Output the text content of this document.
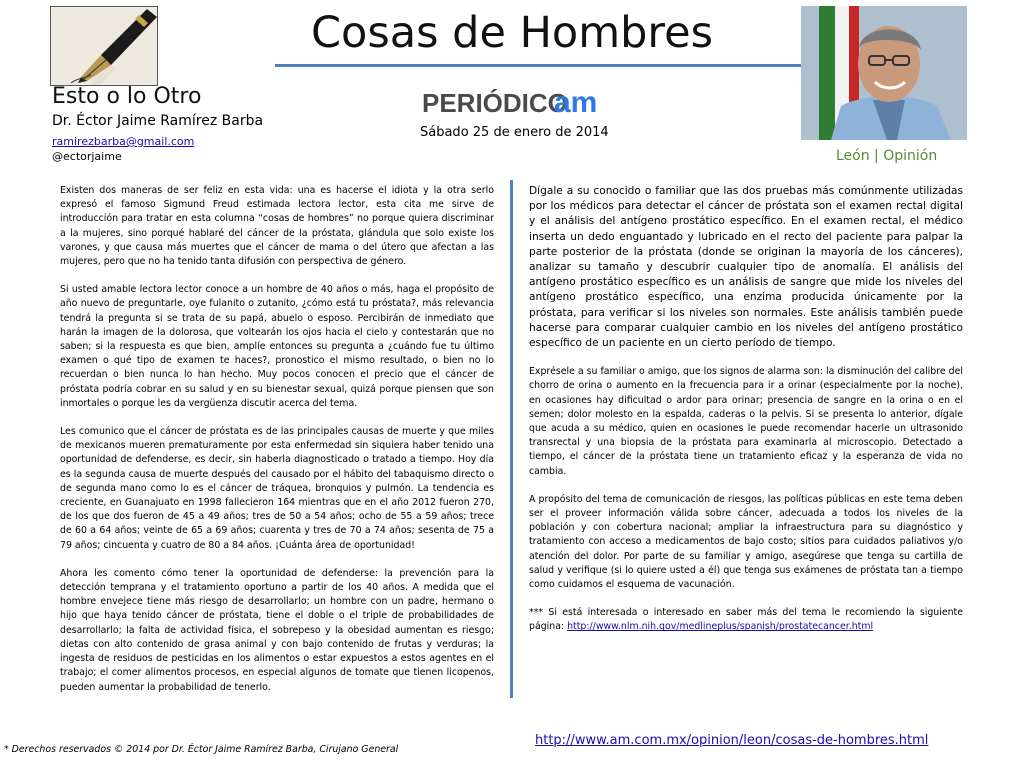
Cosas de Hombres
Esto o lo Otro
Dr. Éctor Jaime Ramírez Barba
ramirezbarba@gmail.com
@ectorjaime
PERIÓDICO
am
Sábado 25 de enero de 2014
León | Opinión

Existen dos maneras de ser feliz en esta vida: una es hacerse el idiota y la otra serlo expresó el famoso Sigmund Freud estimada lectora lector, esta cita me sirve de introducción para tratar en esta columna “cosas de hombres” no porque quiera discriminar a la mujeres, sino porqué hablaré del cáncer de la próstata, glándula que solo existe los varones, y que causa más muertes que el cáncer de mama o del útero que afectan a las mujeres, pero que no ha tenido tanta difusión con perspectiva de género.

Si usted amable lectora lector conoce a un hombre de 40 años o más, haga el propósito de año nuevo de preguntarle, oye fulanito o zutanito, ¿cómo está tu próstata?, más relevancia tendrá la pregunta si se trata de su papá, abuelo o esposo. Percibirán de inmediato que harán la imagen de la dolorosa, que voltearán los ojos hacia el cielo y contestarán que no saben; si la respuesta es que bien, amplíe entonces su pregunta a ¿cuándo fue tu último examen o qué tipo de examen te haces?, pronostico el mismo resultado, o bien no lo recuerdan o bien nunca lo han hecho. Muy pocos conocen el precio que el cáncer de próstata podría cobrar en su salud y en su bienestar sexual, quizá porque piensen que son inmortales o porque les da vergüenza discutir acerca del tema.

Les comunico que el cáncer de próstata es de las principales causas de muerte y que miles de mexicanos mueren prematuramente por esta enfermedad sin siquiera haber tenido una oportunidad de defenderse, es decir, sin haberla diagnosticado o tratado a tiempo. Hoy día es la segunda causa de muerte después del causado por el hábito del tabaquismo directo o de segunda mano como lo es el cáncer de tráquea, bronquios y pulmón. La tendencia es creciente, en Guanajuato en 1998 fallecieron 164 mientras que en el año 2012 fueron 270, de los que dos fueron de 45 a 49 años; tres de 50 a 54 años; ocho de 55 a 59 años; trece de 60 a 64 años; veinte de 65 a 69 años; cuarenta y tres de 70 a 74 años; sesenta de 75 a 79 años; cincuenta y cuatro de 80 a 84 años. ¡Cuánta área de oportunidad!

Ahora les comento cómo tener la oportunidad de defenderse: la prevención para la detección temprana y el tratamiento oportuno a partir de los 40 años. A medida que el hombre envejece tiene más riesgo de desarrollarlo; un hombre con un padre, hermano o hijo que haya tenido cáncer de próstata, tiene el doble o el triple de probabilidades de desarrollarlo; la falta de actividad física, el sobrepeso y la obesidad aumentan es riesgo; dietas con alto contenido de grasa animal y con bajo contenido de frutas y verduras; la ingesta de residuos de pesticidas en los alimentos o estar expuestos a estos agentes en el trabajo; el comer alimentos procesos, en especial algunos de tomate que tienen licopenos, pueden aumentar la probabilidad de tenerlo.

Dígale a su conocido o familiar que las dos pruebas más comúnmente utilizadas por los médicos para detectar el cáncer de próstata son el examen rectal digital y el análisis del antígeno prostático específico. En el examen rectal, el médico inserta un dedo enguantado y lubricado en el recto del paciente para palpar la parte posterior de la próstata (donde se originan la mayoría de los cánceres), analizar su tamaño y descubrir cualquier tipo de anomalía. El análisis del antígeno prostático específico es un análisis de sangre que mide los niveles del antígeno prostático específico, una enzima producida únicamente por la próstata, para verificar si los niveles son normales. Este análisis también puede hacerse para comparar cualquier cambio en los niveles del antígeno prostático específico de un paciente en un cierto período de tiempo.

Exprésele a su familiar o amigo, que los signos de alarma son: la disminución del calibre del chorro de orina o aumento en la frecuencia para ir a orinar (especialmente por la noche), en ocasiones hay dificultad o ardor para orinar; presencia de sangre en la orina o en el semen; dolor molesto en la espalda, caderas o la pelvis. Si se presenta lo anterior, dígale que acuda a su médico, quien en ocasiones le puede recomendar hacerle un ultrasonido transrectal y una biopsia de la próstata para examinarla al microscopio. Detectado a tiempo, el cáncer de la próstata tiene un tratamiento eficaz y la esperanza de vida no cambia.

A propósito del tema de comunicación de riesgos, las políticas públicas en este tema deben ser el proveer información válida sobre cáncer, adecuada a todos los niveles de la población y con cobertura nacional; ampliar la infraestructura para su diagnóstico y tratamiento con acceso a medicamentos de bajo costo; sitios para cuidados paliativos y/o atención del dolor. Por parte de su familiar y amigo, asegúrese que tenga su cartilla de salud y verifique (si lo quiere usted a él) que tenga sus exámenes de próstata tan a tiempo como cuidamos el esquema de vacunación.

*** Si está interesada o interesado en saber más del tema le recomiendo la siguiente página: http://www.nlm.nih.gov/medlineplus/spanish/prostatecancer.html

http://www.am.com.mx/opinion/leon/cosas-de-hombres.html
* Derechos reservados © 2014 por Dr. Éctor Jaime Ramírez Barba, Cirujano General
